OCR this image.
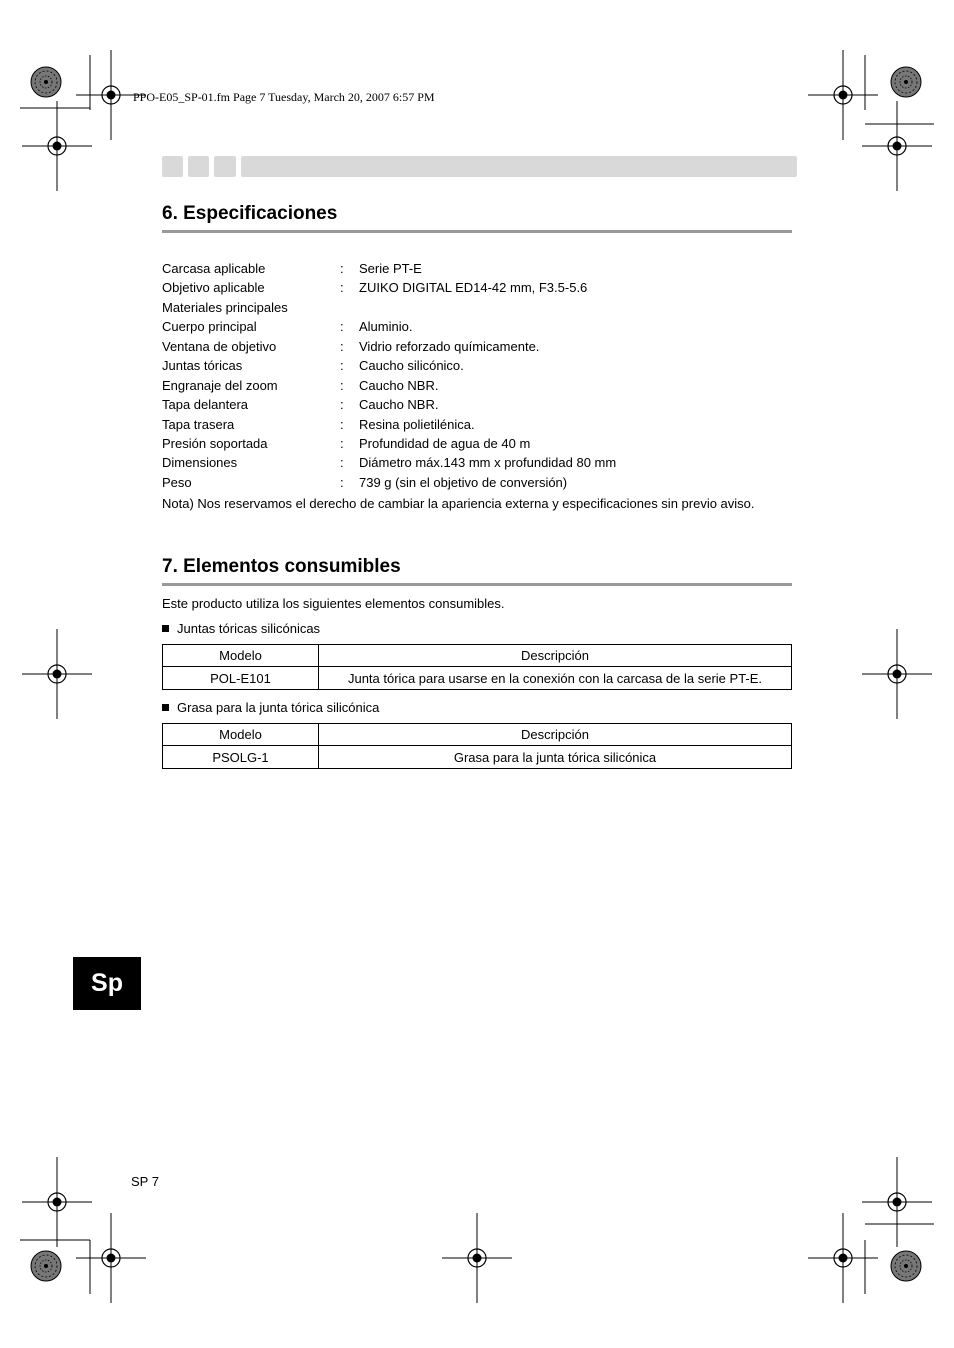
PPO-E05_SP-01.fm Page 7 Tuesday, March 20, 2007 6:57 PM
6. Especificaciones
Carcasa aplicable	: Serie PT-E
Objetivo aplicable	: ZUIKO DIGITAL ED14-42 mm, F3.5-5.6
Materiales principales
Cuerpo principal	: Aluminio.
Ventana de objetivo	: Vidrio reforzado químicamente.
Juntas tóricas	: Caucho silicónico.
Engranaje del zoom	: Caucho NBR.
Tapa delantera	: Caucho NBR.
Tapa trasera	: Resina polietilénica.
Presión soportada	: Profundidad de agua de 40 m
Dimensiones	: Diámetro máx.143 mm x profundidad 80 mm
Peso	: 739 g (sin el objetivo de conversión)
Nota) Nos reservamos el derecho de cambiar la apariencia externa y especificaciones sin previo aviso.
7. Elementos consumibles
Este producto utiliza los siguientes elementos consumibles.
Juntas tóricas silicónicas
Modelo	Descripción
POL-E101	Junta tórica para usarse en la conexión con la carcasa de la serie PT-E.
Grasa para la junta tórica silicónica
Modelo	Descripción
PSOLG-1	Grasa para la junta tórica silicónica
Sp
SP 7
